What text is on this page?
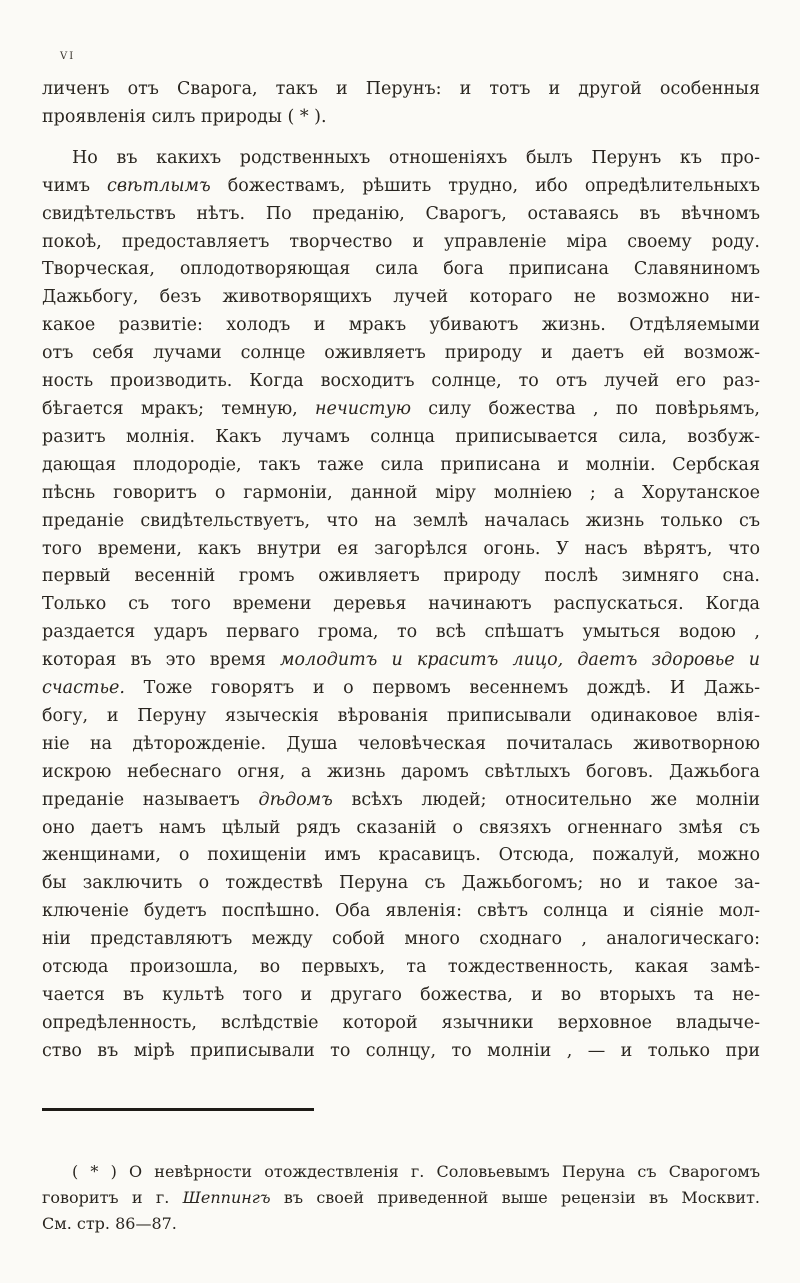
vi
личенъ отъ Сварога, такъ и Перунъ: и тотъ и другой особенныя
проявленія силъ природы ( * ).
Но въ какихъ родственныхъ отношеніяхъ былъ Перунъ къ про-
чимъ свѣтлымъ божествамъ, рѣшить трудно, ибо опредѣлительныхъ
свидѣтельствъ нѣтъ. По преданію, Сварогъ, оставаясь въ вѣчномъ
покоѣ, предоставляетъ творчество и управленіе міра своему роду.
Творческая, оплодотворяющая сила бога приписана Славяниномъ
Дажьбогу, безъ животворящихъ лучей котораго не возможно ни-
какое развитіе: холодъ и мракъ убиваютъ жизнь. Отдѣляемыми
отъ себя лучами солнце оживляетъ природу и даетъ ей возмож-
ность производить. Когда восходитъ солнце, то отъ лучей его раз-
бѣгается мракъ; темную, нечистую силу божества , по повѣрьямъ,
разитъ молнія. Какъ лучамъ солнца приписывается сила, возбуж-
дающая плодородіе, такъ таже сила приписана и молніи. Сербская
пѣснь говоритъ о гармоніи, данной міру молніею ; а Хорутанское
преданіе свидѣтельствуетъ, что на землѣ началась жизнь только съ
того времени, какъ внутри ея загорѣлся огонь. У насъ вѣрятъ, что
первый весенній громъ оживляетъ природу послѣ зимняго сна.
Только съ того времени деревья начинаютъ распускаться. Когда
раздается ударъ перваго грома, то всѣ спѣшатъ умыться водою ,
которая въ это время молодитъ и краситъ лицо, даетъ здоровье и
счастье. Тоже говорятъ и о первомъ весеннемъ дождѣ. И Дажь-
богу, и Перуну языческія вѣрованія приписывали одинаковое влія-
ніе на дѣторожденіе. Душа человѣческая почиталась животворною
искрою небеснаго огня, а жизнь даромъ свѣтлыхъ боговъ. Дажьбога
преданіе называетъ дѣдомъ всѣхъ людей; относительно же молніи
оно даетъ намъ цѣлый рядъ сказаній о связяхъ огненнаго змѣя съ
женщинами, о похищеніи имъ красавицъ. Отсюда, пожалуй, можно
бы заключить о тождествѣ Перуна съ Дажьбогомъ; но и такое за-
ключеніе будетъ поспѣшно. Оба явленія: свѣтъ солнца и сіяніе мол-
ніи представляютъ между собой много сходнаго , аналогическаго:
отсюда произошла, во первыхъ, та тождественность, какая замѣ-
чается въ культѣ того и другаго божества, и во вторыхъ та не-
опредѣленность, вслѣдствіе которой язычники верховное владыче-
ство въ мірѣ приписывали то солнцу, то молніи , — и только при
( * ) О невѣрности отождествленія г. Соловьевымъ Перуна съ Сварогомъ
говоритъ и г. Шеппингъ въ своей приведенной выше рецензіи въ Москвит.
См. стр. 86—87.
